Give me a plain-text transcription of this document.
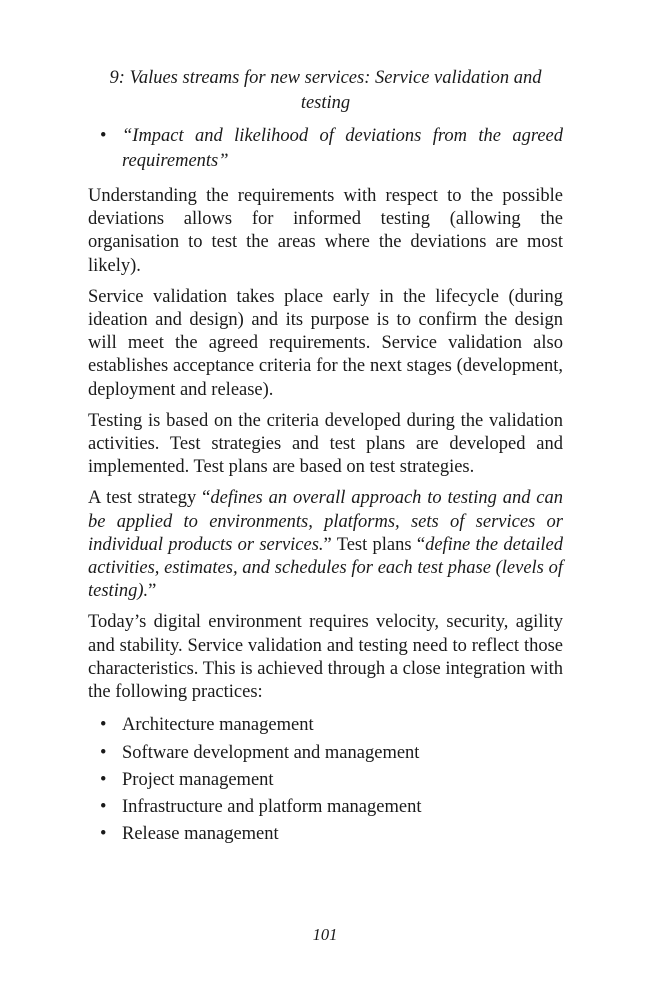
9: Values streams for new services: Service validation and testing
• “Impact and likelihood of deviations from the agreed requirements”

Understanding the requirements with respect to the possible deviations allows for informed testing (allowing the organisation to test the areas where the deviations are most likely).

Service validation takes place early in the lifecycle (during ideation and design) and its purpose is to confirm the design will meet the agreed requirements. Service validation also establishes acceptance criteria for the next stages (development, deployment and release).

Testing is based on the criteria developed during the validation activities. Test strategies and test plans are developed and implemented. Test plans are based on test strategies.

A test strategy “defines an overall approach to testing and can be applied to environments, platforms, sets of services or individual products or services.” Test plans “define the detailed activities, estimates, and schedules for each test phase (levels of testing).”

Today’s digital environment requires velocity, security, agility and stability. Service validation and testing need to reflect those characteristics. This is achieved through a close integration with the following practices:

• Architecture management
• Software development and management
• Project management
• Infrastructure and platform management
• Release management
101
